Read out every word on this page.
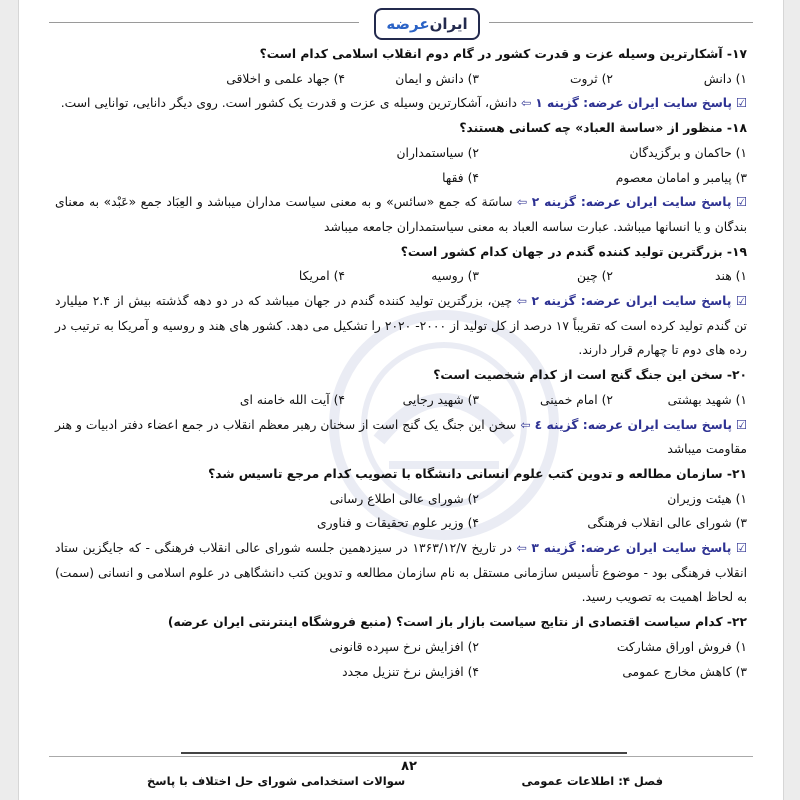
ایران
عرضه
۱۷- آشکارترین وسیله عزت و قدرت کشور در گام دوم انقلاب اسلامی کدام است؟
۱) دانش
۲) ثروت
۳) دانش و ایمان
۴) جهاد علمی و اخلاقی
☑ پاسخ سایت ایران عرضه: گزینه ۱ ⇦ دانش، آشکارترین وسیله ی عزت و قدرت یک کشور است. روی دیگر دانایی، توانایی است.
۱۸- منظور از «ساسة العباد» چه کسانی هستند؟
۱) حاکمان و برگزیدگان
۲) سیاستمداران
۳) پیامبر و امامان معصوم
۴) فقها
☑ پاسخ سایت ایران عرضه: گزینه ۲ ⇦ ساسَة که جمع «سائس» و به معنی سیاست مداران میباشد و العِبَاد جمع «عَبْد» به معنای بندگان و یا انسانها میباشد. عبارت ساسه العباد به معنی سیاستمداران جامعه میباشد
۱۹- بزرگترین تولید کننده گندم در جهان کدام کشور است؟
۱) هند
۲) چین
۳) روسیه
۴) امریکا
☑ پاسخ سایت ایران عرضه: گزینه ۲ ⇦ چین، بزرگترین تولید کننده گندم در جهان میباشد که در دو دهه گذشته بیش از ۲.۴ میلیارد تن گندم تولید کرده است که تقریباً ۱۷ درصد از کل تولید از ۲۰۰۰- ۲۰۲۰ را تشکیل می دهد. کشور های هند و روسیه و آمریکا به ترتیب در رده های دوم تا چهارم قرار دارند.
۲۰- سخن این جنگ گنج است از کدام شخصیت است؟
۱) شهید بهشتی
۲) امام خمینی
۳) شهید رجایی
۴) آیت الله خامنه ای
☑ پاسخ سایت ایران عرضه: گزینه ٤ ⇦ سخن این جنگ یک گنج است از سخنان رهبر معظم انقلاب در جمع اعضاء دفتر ادبیات و هنر مقاومت میباشد
۲۱- سازمان مطالعه و تدوین کتب علوم انسانی دانشگاه با تصویب کدام مرجع تاسیس شد؟
۱) هیئت وزیران
۲) شورای عالی اطلاع رسانی
۳) شورای عالی انقلاب فرهنگی
۴) وزیر علوم تحقیقات و فناوری
☑ پاسخ سایت ایران عرضه: گزینه ۳ ⇦ در تاریخ ۱۳۶۳/۱۲/۷ در سیزدهمین جلسه شورای عالی انقلاب فرهنگی - که جایگزین ستاد انقلاب فرهنگی بود - موضوع تأسیس سازمانی مستقل به نام سازمان مطالعه و تدوین کتب دانشگاهی در علوم اسلامی و انسانی (سمت) به لحاظ اهمیت به تصویب رسید.
۲۲- کدام سیاست اقتصادی از نتایج سیاست بازار باز است؟ (منبع فروشگاه اینترنتی ایران عرضه)
۱) فروش اوراق مشارکت
۲) افزایش نرخ سپرده قانونی
۳) کاهش مخارج عمومی
۴) افزایش نرخ تنزیل مجدد
۸۲
فصل ۴: اطلاعات عمومی
سوالات استخدامی شورای حل اختلاف با پاسخ
